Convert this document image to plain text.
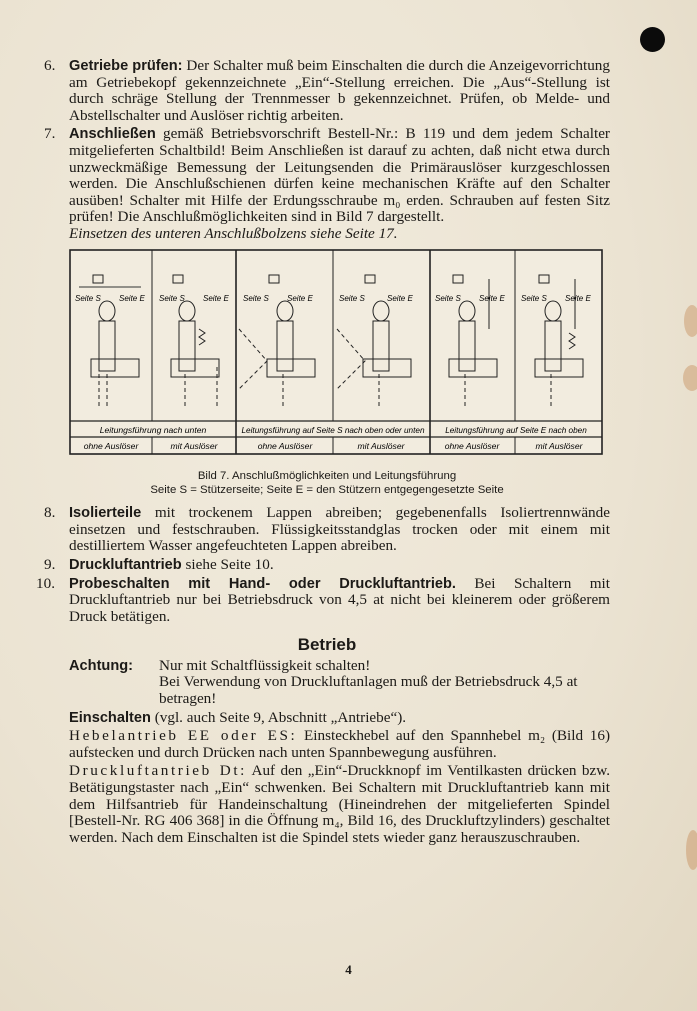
6. Getriebe prüfen: Der Schalter muß beim Einschalten die durch die Anzeigevorrichtung am Getriebekopf gekennzeichnete „Ein“-Stellung erreichen. Die „Aus“-Stellung ist durch schräge Stellung der Trennmesser b gekennzeichnet. Prüfen, ob Melde- und Abstellschalter und Auslöser richtig arbeiten.

7. Anschließen gemäß Betriebsvorschrift Bestell-Nr.: B 119 und dem jedem Schalter mitgelieferten Schaltbild! Beim Anschließen ist darauf zu achten, daß nicht etwa durch unzweckmäßige Bemessung der Leitungsenden die Primärauslöser kurzgeschlossen werden. Die Anschlußschienen dürfen keine mechanischen Kräfte auf den Schalter ausüben! Schalter mit Hilfe der Erdungsschraube m₀ erden. Schrauben auf festen Sitz prüfen! Die Anschlußmöglichkeiten sind in Bild 7 dargestellt.

Einsetzen des unteren Anschlußbolzens siehe Seite 17.

Seite S Seite E Seite S Seite E Seite S Seite E	Seite S	Seite E	Seite S Seite E Seite S Seite E
Leitungsführung nach unten	Leitungsführung auf Seite S nach oben oder unten	Leitungsführung auf Seite E nach oben
ohne Auslöser	mit Auslöser	ohne Auslöser	mit Auslöser	ohne Auslöser	mit Auslöser
Bild 7. Anschlußmöglichkeiten und Leitungsführung
Seite S = Stützerseite; Seite E = den Stützern entgegengesetzte Seite
8. Isolierteile mit trockenem Lappen abreiben; gegebenenfalls Isoliertrennwände einsetzen und festschrauben. Flüssigkeitsstandglas trocken oder mit einem mit destilliertem Wasser angefeuchteten Lappen abreiben.

9. Druckluftantrieb siehe Seite 10.

10. Probeschalten mit Hand- oder Druckluftantrieb. Bei Schaltern mit Druckluftantrieb nur bei Betriebsdruck von 4,5 at nicht bei kleinerem oder größerem Druck betätigen.

Betrieb
Achtung: Nur mit Schaltflüssigkeit schalten!
Bei Verwendung von Druckluftanlagen muß der Betriebsdruck 4,5 at betragen!

Einschalten (vgl. auch Seite 9, Abschnitt „Antriebe“).

Hebelantrieb EE oder ES: Einsteckhebel auf den Spannhebel m₂ (Bild 16) aufstecken und durch Drücken nach unten Spannbewegung ausführen.

Druckluftantrieb Dt: Auf den „Ein“-Druckknopf im Ventilkasten drücken bzw. Betätigungstaster nach „Ein“ schwenken. Bei Schaltern mit Druckluftantrieb kann mit dem Hilfsantrieb für Handeinschaltung (Hineindrehen der mitgelieferten Spindel [Bestell-Nr. RG 406 368] in die Öffnung m₄, Bild 16, des Druckluftzylinders) geschaltet werden. Nach dem Einschalten ist die Spindel stets wieder ganz herauszuschrauben.

4
